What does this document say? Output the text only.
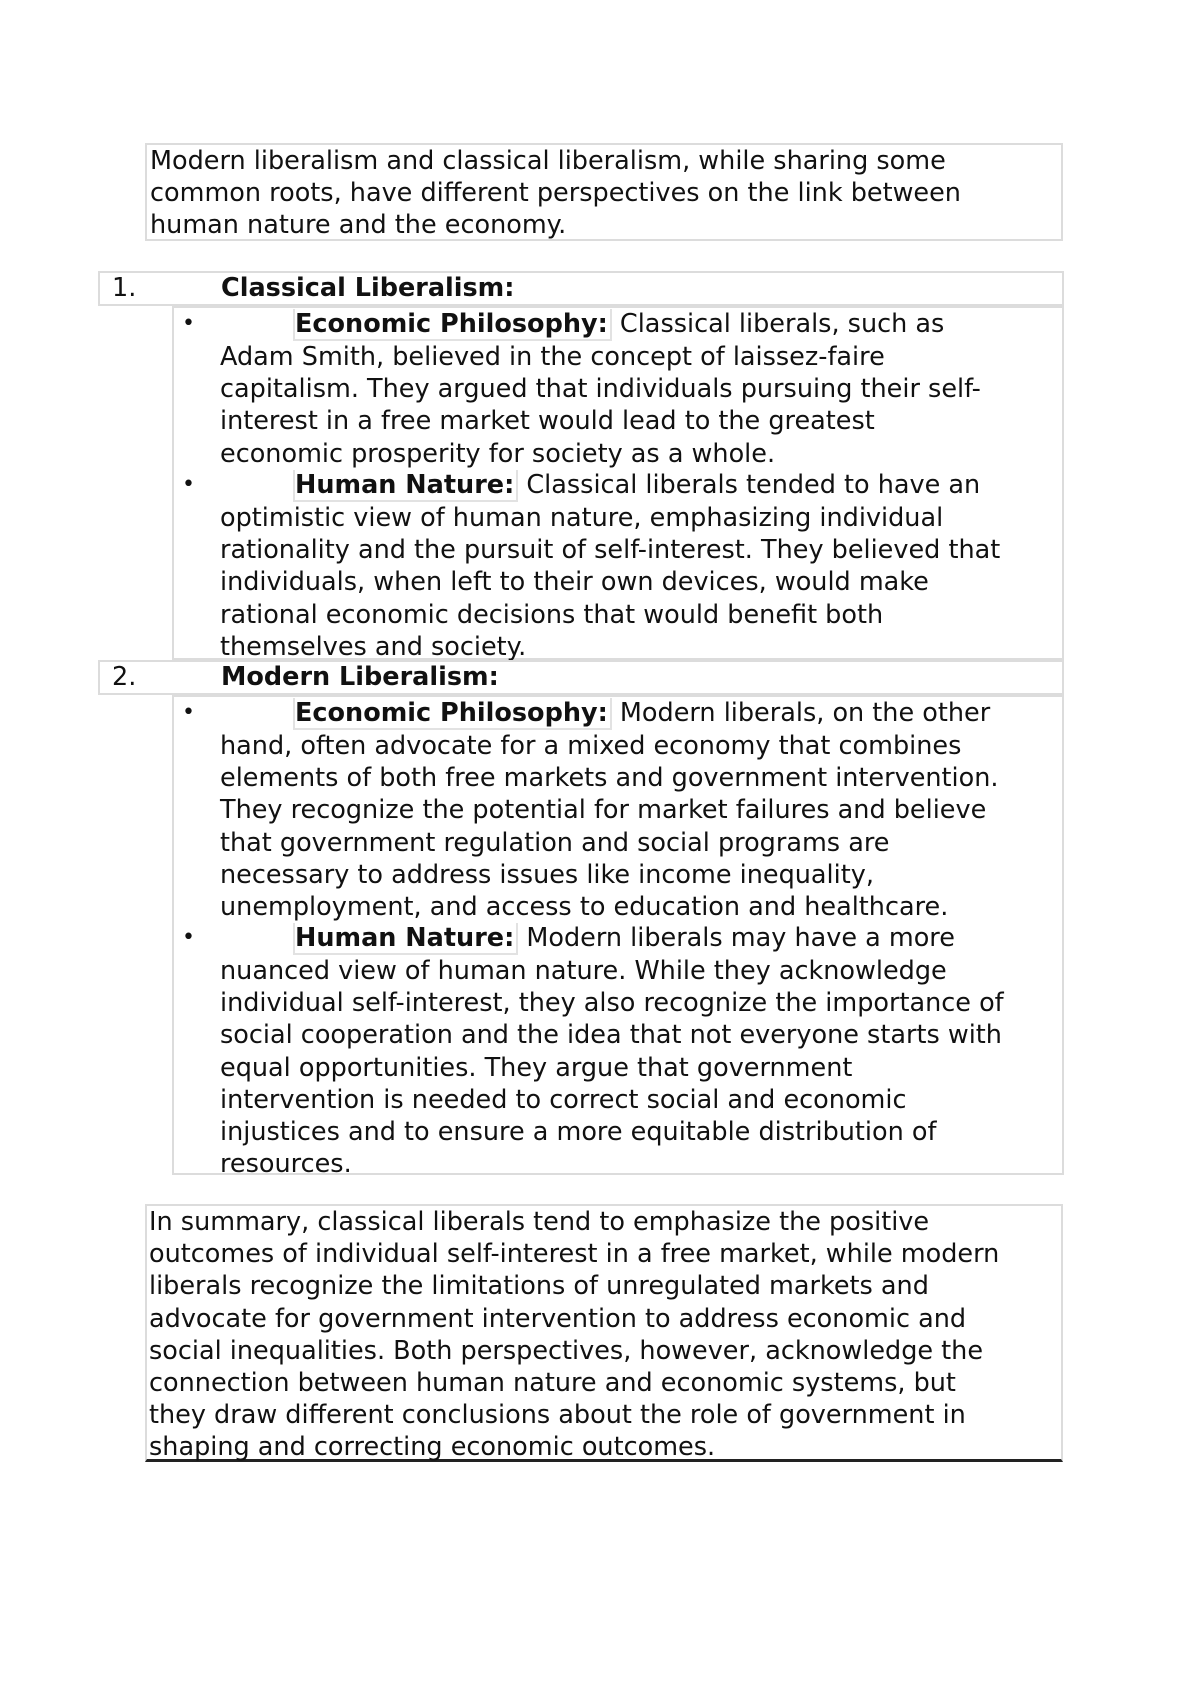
Modern liberalism and classical liberalism, while sharing some
common roots, have different perspectives on the link between
human nature and the economy.

1.	Classical Liberalism:
•	Economic Philosophy: Classical liberals, such as
Adam Smith, believed in the concept of laissez-faire
capitalism. They argued that individuals pursuing their self-
interest in a free market would lead to the greatest
economic prosperity for society as a whole.
•	Human Nature: Classical liberals tended to have an
optimistic view of human nature, emphasizing individual
rationality and the pursuit of self-interest. They believed that
individuals, when left to their own devices, would make
rational economic decisions that would benefit both
themselves and society.
2.	Modern Liberalism:
•	Economic Philosophy: Modern liberals, on the other
hand, often advocate for a mixed economy that combines
elements of both free markets and government intervention.
They recognize the potential for market failures and believe
that government regulation and social programs are
necessary to address issues like income inequality,
unemployment, and access to education and healthcare.
•	Human Nature: Modern liberals may have a more
nuanced view of human nature. While they acknowledge
individual self-interest, they also recognize the importance of
social cooperation and the idea that not everyone starts with
equal opportunities. They argue that government
intervention is needed to correct social and economic
injustices and to ensure a more equitable distribution of
resources.

In summary, classical liberals tend to emphasize the positive
outcomes of individual self-interest in a free market, while modern
liberals recognize the limitations of unregulated markets and
advocate for government intervention to address economic and
social inequalities. Both perspectives, however, acknowledge the
connection between human nature and economic systems, but
they draw different conclusions about the role of government in
shaping and correcting economic outcomes.
